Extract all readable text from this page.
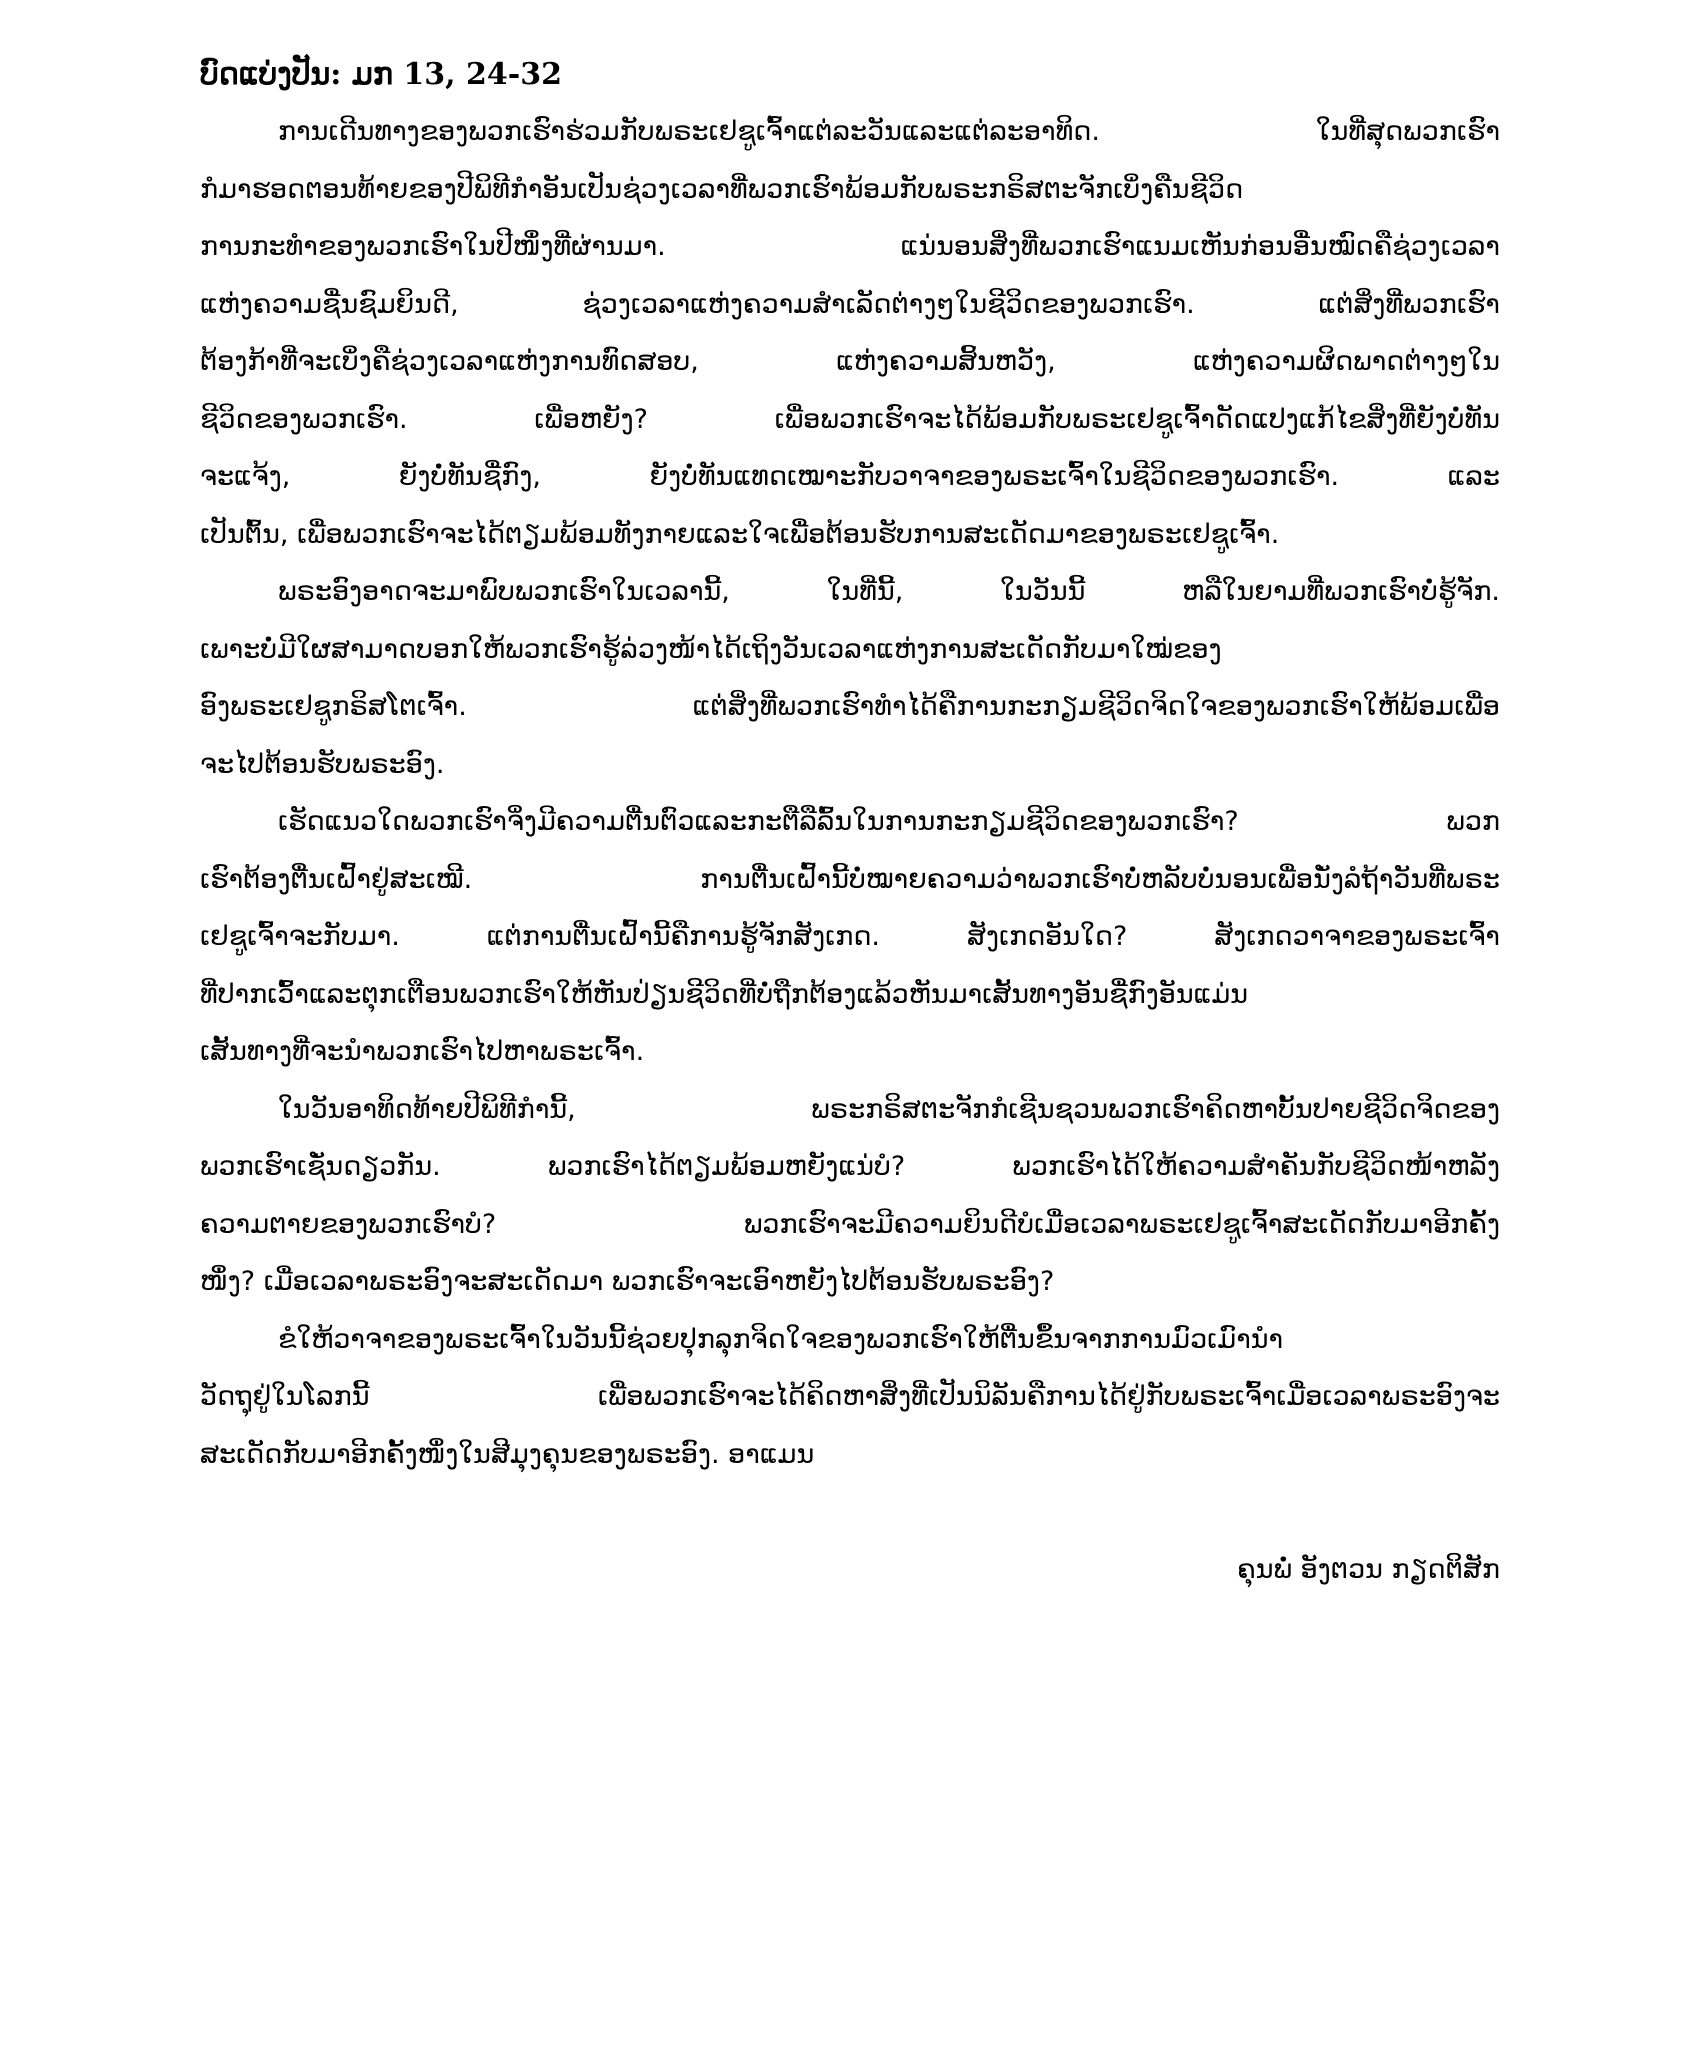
ບົດແບ່ງປັນ: ມກ 13, 24-32
ການເດີນທາງຂອງພວກເຮົາຮ່ວມກັບພຣະເຢຊູເຈົ້າແຕ່ລະວັນແລະແຕ່ລະອາທິດ. ໃນທີ່ສຸດພວກເຮົາ
ກໍມາຮອດຕອນທ້າຍຂອງປີພິທີກໍາອັນເປັນຊ່ວງເວລາທີ່ພວກເຮົາພ້ອມກັບພຣະກຣິສຕະຈັກເບິ່ງຄືນຊີວິດ
ການກະທໍາຂອງພວກເຮົາໃນປີໜຶ່ງທີ່ຜ່ານມາ. ແນ່ນອນສິ່ງທີ່ພວກເຮົາແນມເຫັນກ່ອນອື່ນໝົດຄືຊ່ວງເວລາ
ແຫ່ງຄວາມຊື່ນຊົມຍິນດີ, ຊ່ວງເວລາແຫ່ງຄວາມສໍາເລັດຕ່າງໆໃນຊີວິດຂອງພວກເຮົາ. ແຕ່ສິ່ງທີ່ພວກເຮົາ
ຕ້ອງກ້າທີ່ຈະເບິ່ງຄືຊ່ວງເວລາແຫ່ງການທົດສອບ, ແຫ່ງຄວາມສິ້ນຫວັງ, ແຫ່ງຄວາມຜິດພາດຕ່າງໆໃນ
ຊີວິດຂອງພວກເຮົາ. ເພື່ອຫຍັງ? ເພື່ອພວກເຮົາຈະໄດ້ພ້ອມກັບພຣະເຢຊູເຈົ້າດັດແປງແກ້ໄຂສິ່ງທີ່ຍັງບໍ່ທັນ
ຈະແຈ້ງ, ຍັງບໍ່ທັນຊື່ກົງ, ຍັງບໍ່ທັນແທດເໝາະກັບວາຈາຂອງພຣະເຈົ້າໃນຊີວິດຂອງພວກເຮົາ. ແລະ
ເປັນຕົ້ນ, ເພື່ອພວກເຮົາຈະໄດ້ຕຽມພ້ອມທັງກາຍແລະໃຈເພື່ອຕ້ອນຮັບການສະເດັດມາຂອງພຣະເຢຊູເຈົ້າ.
ພຣະອົງອາດຈະມາພົບພວກເຮົາໃນເວລານີ້, ໃນທີ່ນີ້, ໃນວັນນີ້ ຫລືໃນຍາມທີ່ພວກເຮົາບໍ່ຮູ້ຈັກ.
ເພາະບໍ່ມີໃຜສາມາດບອກໃຫ້ພວກເຮົາຮູ້ລ່ວງໜ້າໄດ້ເຖິງວັນເວລາແຫ່ງການສະເດັດກັບມາໃໝ່ຂອງ
ອົງພຣະເຢຊູກຣິສໂຕເຈົ້າ. ແຕ່ສິ່ງທີ່ພວກເຮົາທໍາໄດ້ຄືການກະກຽມຊີວິດຈິດໃຈຂອງພວກເຮົາໃຫ້ພ້ອມເພື່ອ
ຈະໄປຕ້ອນຮັບພຣະອົງ.
ເຮັດແນວໃດພວກເຮົາຈິ່ງມີຄວາມຕື່ນຕົວແລະກະຕືລືລົ້ນໃນການກະກຽມຊີວິດຂອງພວກເຮົາ? ພວກ
ເຮົາຕ້ອງຕື່ນເຝົ້າຢູ່ສະເໝີ. ການຕື່ນເຝົ້ານີ້ບໍ່ໝາຍຄວາມວ່າພວກເຮົາບໍ່ຫລັບບໍ່ນອນເພື່ອນັ່ງລໍຖ້າວັນທີ່ພຣະ
ເຢຊູເຈົ້າຈະກັບມາ. ແຕ່ການຕື່ນເຝົ້ານີ້ຄືການຮູ້ຈັກສັງເກດ. ສັງເກດອັນໃດ? ສັງເກດວາຈາຂອງພຣະເຈົ້າ
ທີ່ປາກເວົ້າແລະຕຸກເຕືອນພວກເຮົາໃຫ້ຫັນປ່ຽນຊີວິດທີ່ບໍ່ຖືກຕ້ອງແລ້ວຫັນມາເສັ້ນທາງອັນຊື່ກົງອັນແມ່ນ
ເສັ້ນທາງທີ່ຈະນໍາພວກເຮົາໄປຫາພຣະເຈົ້າ.
ໃນວັນອາທິດທ້າຍປີພິທີກໍານີ້, ພຣະກຣິສຕະຈັກກໍເຊີນຊວນພວກເຮົາຄິດຫາບັ້ນປາຍຊີວິດຈິດຂອງ
ພວກເຮົາເຊັ່ນດຽວກັນ. ພວກເຮົາໄດ້ຕຽມພ້ອມຫຍັງແນ່ບໍ? ພວກເຮົາໄດ້ໃຫ້ຄວາມສໍາຄັນກັບຊີວິດໜ້າຫລັງ
ຄວາມຕາຍຂອງພວກເຮົາບໍ? ພວກເຮົາຈະມີຄວາມຍິນດີບໍເມື່ອເວລາພຣະເຢຊູເຈົ້າສະເດັດກັບມາອີກຄັ້ງ
ໜຶ່ງ? ເມື່ອເວລາພຣະອົງຈະສະເດັດມາ ພວກເຮົາຈະເອົາຫຍັງໄປຕ້ອນຮັບພຣະອົງ?
ຂໍໃຫ້ວາຈາຂອງພຣະເຈົ້າໃນວັນນີ້ຊ່ວຍປຸກລຸກຈິດໃຈຂອງພວກເຮົາໃຫ້ຕື່ນຂຶ້ນຈາກການມົວເມົານໍາ
ວັດຖຸຢູ່ໃນໂລກນີ້ ເພື່ອພວກເຮົາຈະໄດ້ຄິດຫາສິ່ງທີ່ເປັນນິລັນຄືການໄດ້ຢູ່ກັບພຣະເຈົ້າເມື່ອເວລາພຣະອົງຈະ
ສະເດັດກັບມາອີກຄັ້ງໜຶ່ງໃນສີມຸງຄຸນຂອງພຣະອົງ. ອາແມນ
ຄຸນພໍ່ ອັງຕວນ ກຽດຕິສັກ
